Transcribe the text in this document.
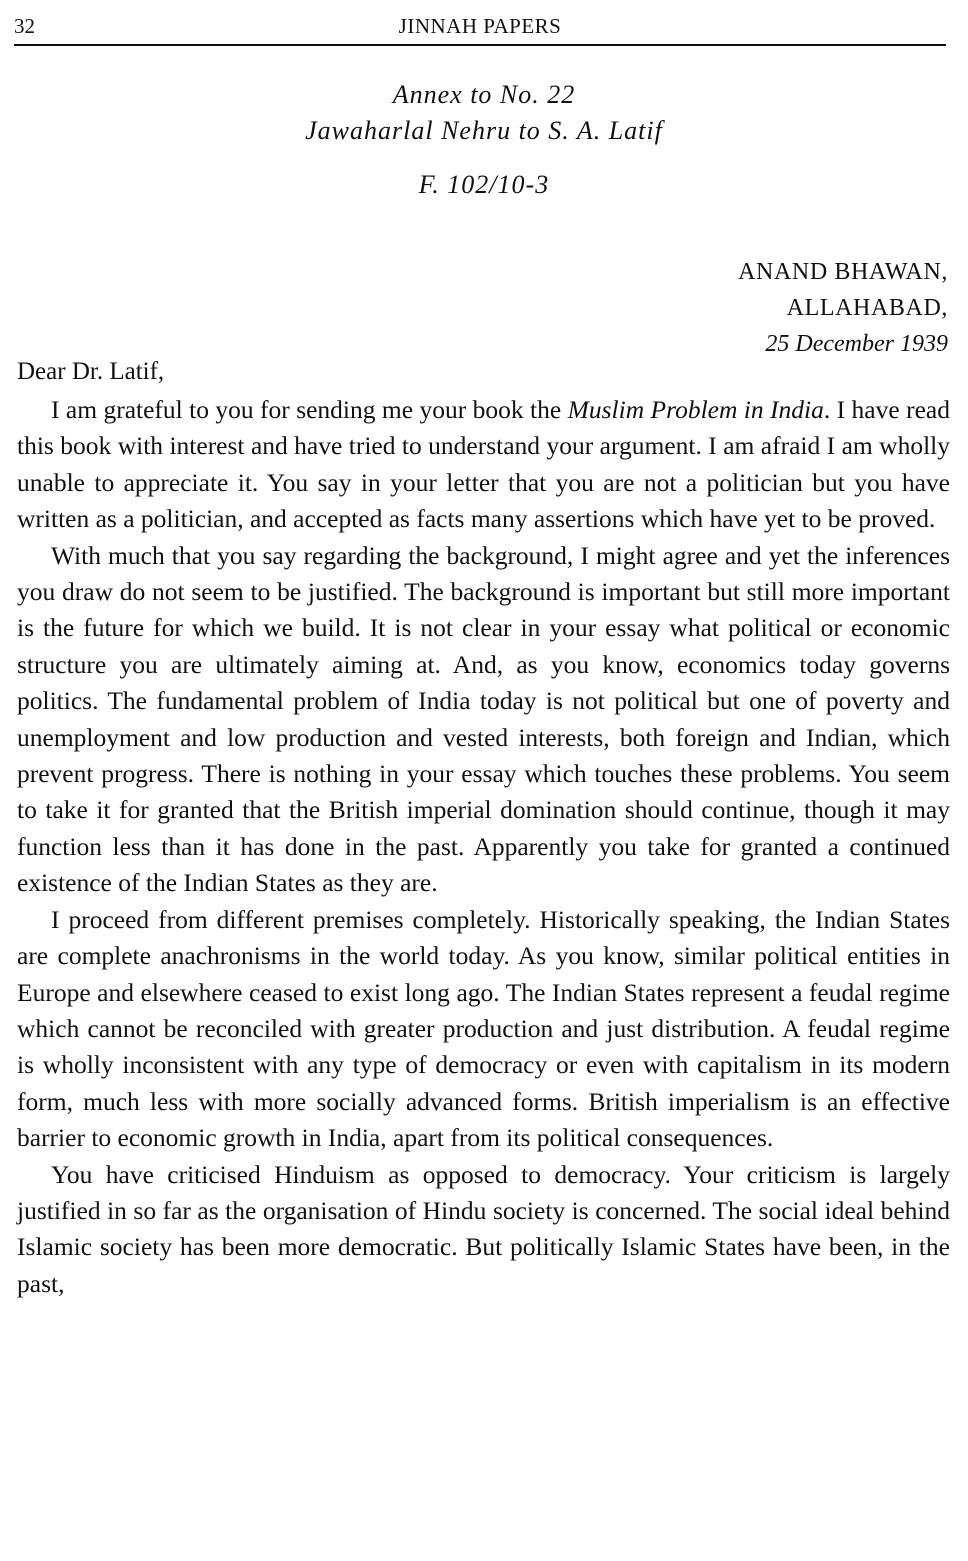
32	JINNAH PAPERS
Annex to No. 22
Jawaharlal Nehru to S. A. Latif
F. 102/10-3
ANAND BHAWAN,
ALLAHABAD,
25 December 1939
Dear Dr. Latif,

I am grateful to you for sending me your book the Muslim Problem in India. I have read this book with interest and have tried to understand your argument. I am afraid I am wholly unable to appreciate it. You say in your letter that you are not a politician but you have written as a politician, and accepted as facts many assertions which have yet to be proved.

With much that you say regarding the background, I might agree and yet the inferences you draw do not seem to be justified. The background is important but still more important is the future for which we build. It is not clear in your essay what political or economic structure you are ultimately aiming at. And, as you know, economics today governs politics. The fundamental problem of India today is not political but one of poverty and unemployment and low production and vested interests, both foreign and Indian, which prevent progress. There is nothing in your essay which touches these problems. You seem to take it for granted that the British imperial domination should continue, though it may function less than it has done in the past. Apparently you take for granted a continued existence of the Indian States as they are.

I proceed from different premises completely. Historically speaking, the Indian States are complete anachronisms in the world today. As you know, similar political entities in Europe and elsewhere ceased to exist long ago. The Indian States represent a feudal regime which cannot be reconciled with greater production and just distribution. A feudal regime is wholly inconsistent with any type of democracy or even with capitalism in its modern form, much less with more socially advanced forms. British imperialism is an effective barrier to economic growth in India, apart from its political consequences.

You have criticised Hinduism as opposed to democracy. Your criticism is largely justified in so far as the organisation of Hindu society is concerned. The social ideal behind Islamic society has been more democratic. But politically Islamic States have been, in the past,
